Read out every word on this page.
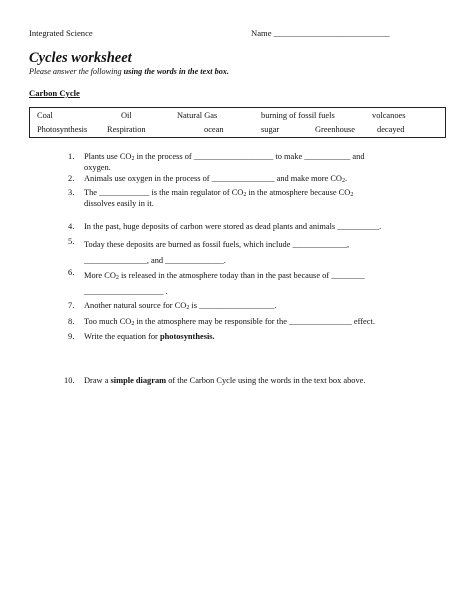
Integrated Science	Name ___________________________
Cycles worksheet
Please answer the following using the words in the text box.
Carbon Cycle
Coal	Oil	Natural Gas	burning of fossil fuels	volcanoes
Photosynthesis Respiration	ocean	sugar	Greenhouse	decayed
1. Plants use $CO_2$ in the process of ___________________ to make ___________ and
oxygen.
2. Animals use oxygen in the process of _______________ and make more $CO_2$.
3. The ____________ is the main regulator of $CO_2$ in the atmosphere because $CO_2$
dissolves easily in it.
4. In the past, huge deposits of carbon were stored as dead plants and animals __________.
5. Today these deposits are burned as fossil fuels, which include _____________,
_______________, and ______________.
6. More $CO_2$ is released in the atmosphere today than in the past because of ________
___________________ .
7. Another natural source for $CO_2$ is __________________.
8. Too much $CO_2$ in the atmosphere may be responsible for the _______________ effect.
9. Write the equation for photosynthesis.
10. Draw a simple diagram of the Carbon Cycle using the words in the text box above.
